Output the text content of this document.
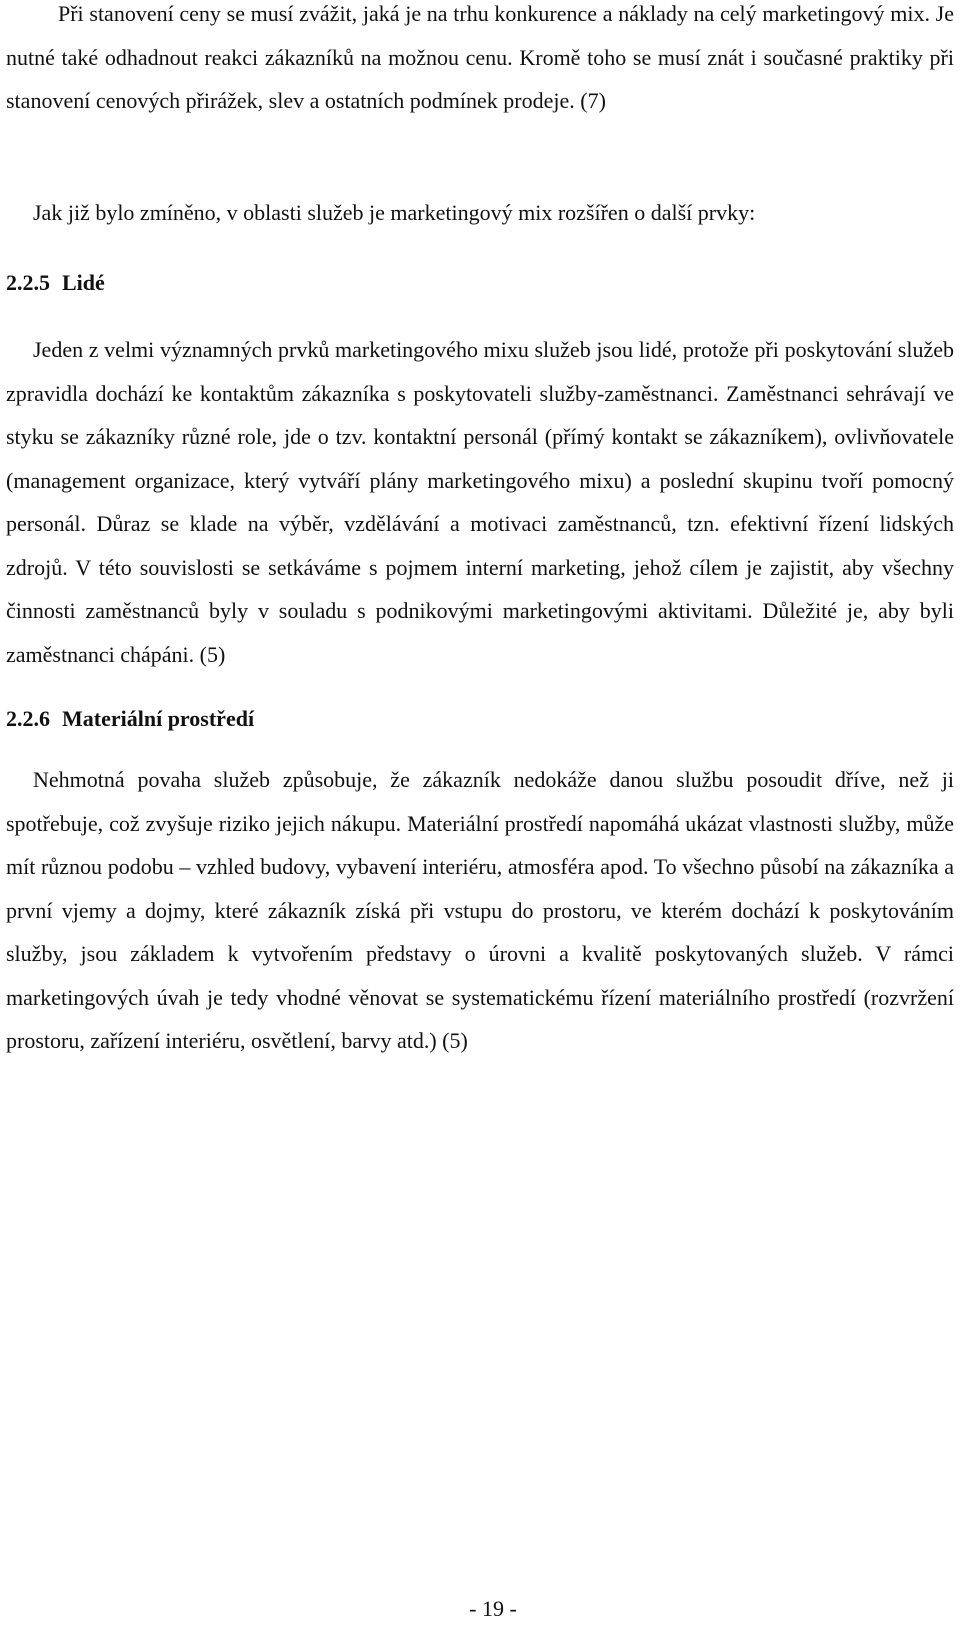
Při stanovení ceny se musí zvážit, jaká je na trhu konkurence a náklady na celý marketingový mix. Je nutné také odhadnout reakci zákazníků na možnou cenu. Kromě toho se musí znát i současné praktiky při stanovení cenových přirážek, slev a ostatních podmínek prodeje. (7)

Jak již bylo zmíněno, v oblasti služeb je marketingový mix rozšířen o další prvky:

2.2.5 Lidé

Jeden z velmi významných prvků marketingového mixu služeb jsou lidé, protože při poskytování služeb zpravidla dochází ke kontaktům zákazníka s poskytovateli služby-zaměstnanci. Zaměstnanci sehrávají ve styku se zákazníky různé role, jde o tzv. kontaktní personál (přímý kontakt se zákazníkem), ovlivňovatele (management organizace, který vytváří plány marketingového mixu) a poslední skupinu tvoří pomocný personál. Důraz se klade na výběr, vzdělávání a motivaci zaměstnanců, tzn. efektivní řízení lidských zdrojů. V této souvislosti se setkáváme s pojmem interní marketing, jehož cílem je zajistit, aby všechny činnosti zaměstnanců byly v souladu s podnikovými marketingovými aktivitami. Důležité je, aby byli zaměstnanci chápáni. (5)

2.2.6 Materiální prostředí

Nehmotná povaha služeb způsobuje, že zákazník nedokáže danou službu posoudit dříve, než ji spotřebuje, což zvyšuje riziko jejich nákupu. Materiální prostředí napomáhá ukázat vlastnosti služby, může mít různou podobu – vzhled budovy, vybavení interiéru, atmosféra apod. To všechno působí na zákazníka a první vjemy a dojmy, které zákazník získá při vstupu do prostoru, ve kterém dochází k poskytováním služby, jsou základem k vytvořením představy o úrovni a kvalitě poskytovaných služeb. V rámci marketingových úvah je tedy vhodné věnovat se systematickému řízení materiálního prostředí (rozvržení prostoru, zařízení interiéru, osvětlení, barvy atd.) (5)

- 19 -
